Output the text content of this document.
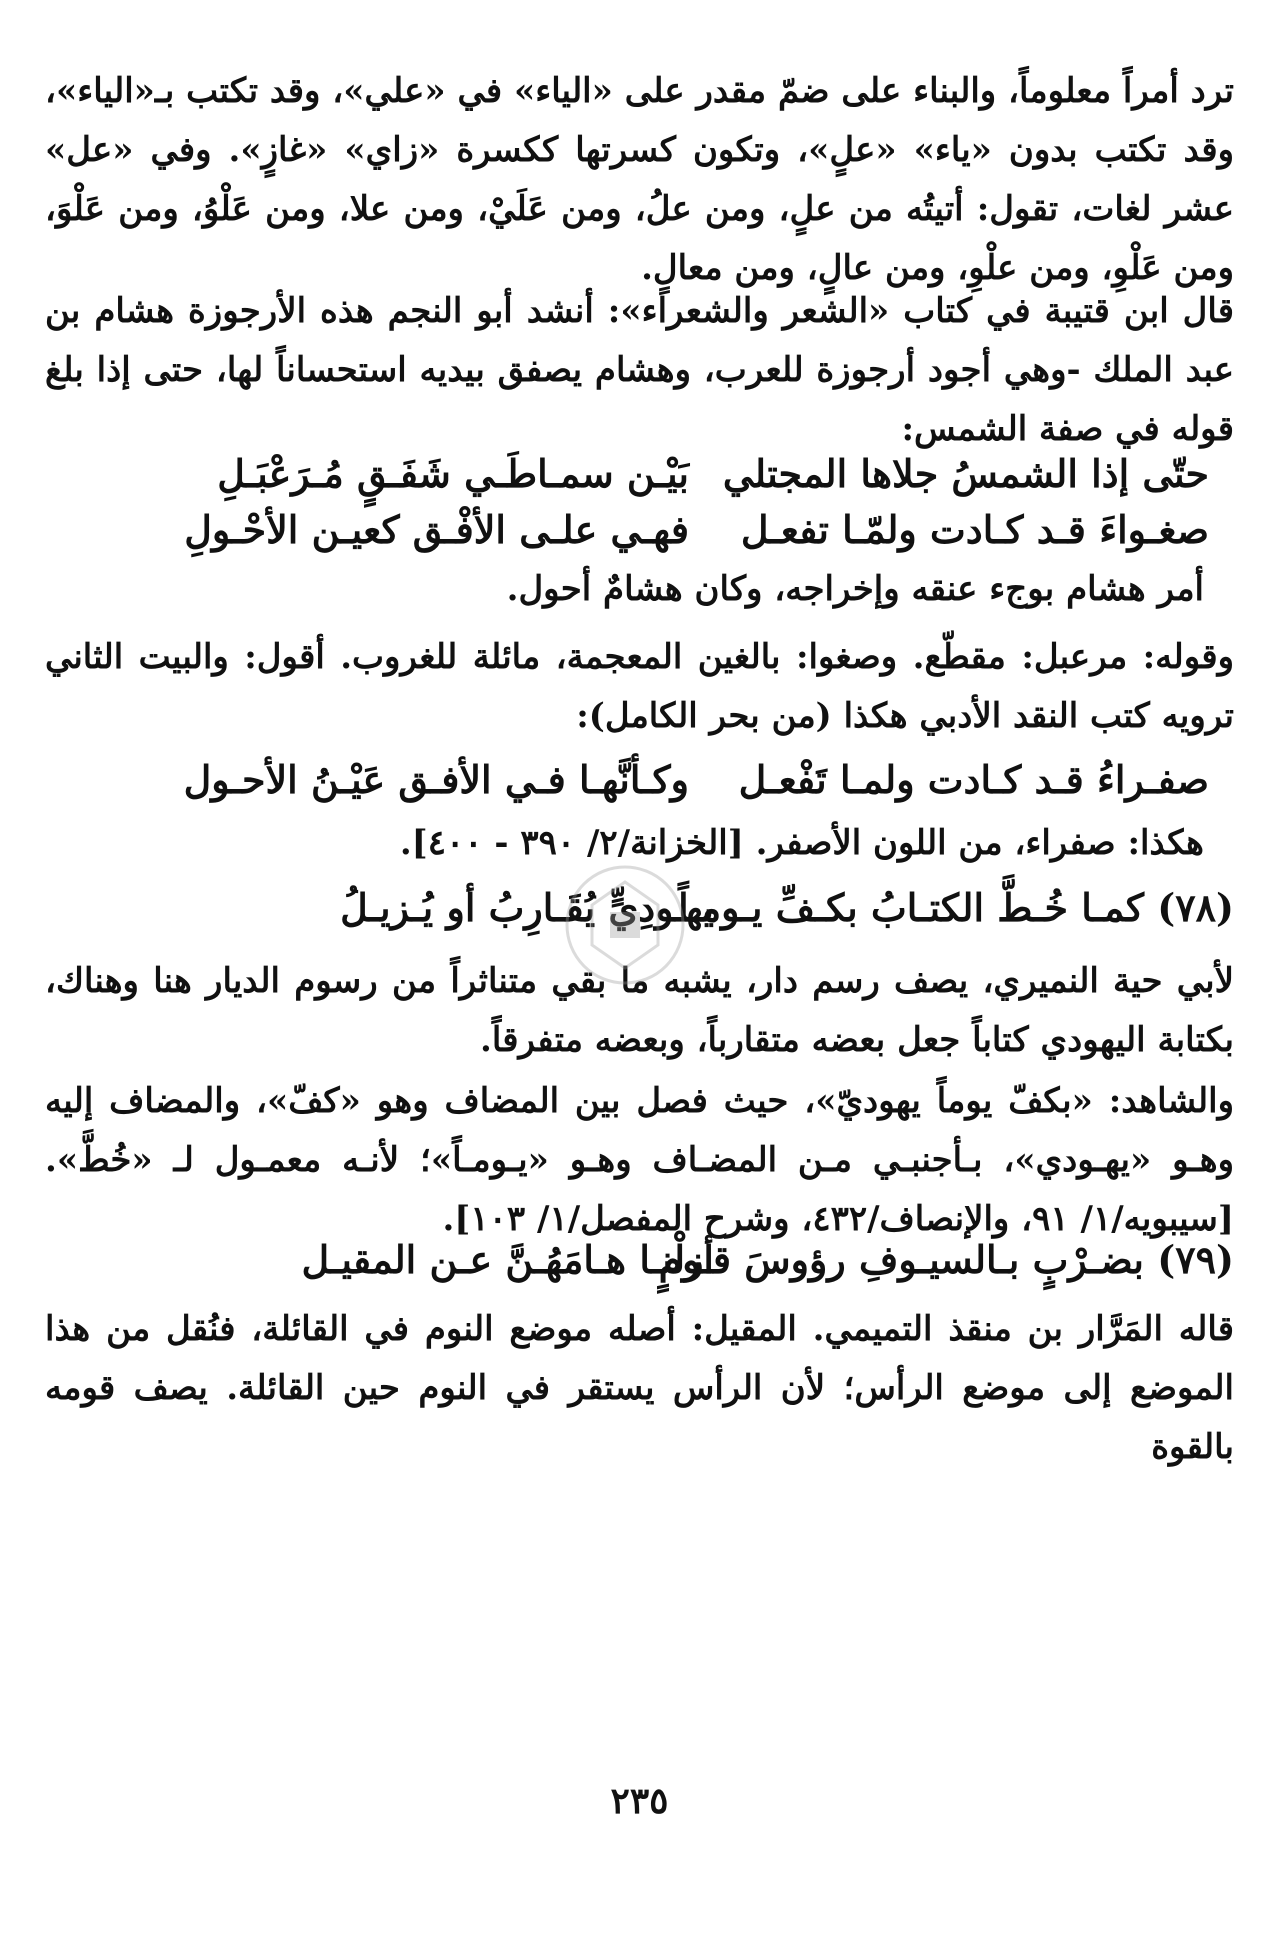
ترد أمراً معلوماً، والبناء على ضمّ مقدر على «الياء» في «علي»، وقد تكتب بـ«الياء»، وقد تكتب بدون «ياء» «علٍ»، وتكون كسرتها ككسرة «زاي» «غازٍ». وفي «عل» عشر لغات، تقول: أتيتُه من علٍ، ومن علُ، ومن عَلَيْ، ومن علا، ومن عَلْوُ، ومن عَلْوَ، ومن عَلْوِ، ومن علْوِ، ومن عالٍ، ومن معالٍ.

قال ابن قتيبة في كتاب «الشعر والشعراء»: أنشد أبو النجم هذه الأرجوزة هشام بن عبد الملك -وهي أجود أرجوزة للعرب، وهشام يصفق بيديه استحساناً لها، حتى إذا بلغ قوله في صفة الشمس:

حتّى إذا الشمسُ جلاها المجتلي
بَيْـن سمـاطَـي شَفَـقٍ مُـرَعْبَـلِ
صغـواءَ قـد كـادت ولمّـا تفعـل
فهـي علـى الأفْـق كعيـن الأحْـولِ

أمر هشام بوجء عنقه وإخراجه، وكان هشامٌ أحول.

وقوله: مرعبل: مقطّع. وصغوا: بالغين المعجمة، مائلة للغروب. أقول: والبيت الثاني ترويه كتب النقد الأدبي هكذا (من بحر الكامل):

صفـراءُ قـد كـادت ولمـا تَفْعـل
وكـأنَّهـا فـي الأفـق عَيْـنُ الأحـول

هكذا: صفراء، من اللون الأصفر. [الخزانة/٢/ ٣٩٠ - ٤٠٠].

(٧٨) كمـا خُـطَّ الكتـابُ بكـفِّ يـومـاً
يهـودِيٍّ يُقَـارِبُ أو يُـزيـلُ

لأبي حية النميري، يصف رسم دار، يشبه ما بقي متناثراً من رسوم الديار هنا وهناك، بكتابة اليهودي كتاباً جعل بعضه متقارباً، وبعضه متفرقاً.

والشاهد: «بكفّ يوماً يهوديّ»، حيث فصل بين المضاف وهو «كفّ»، والمضاف إليه وهـو «يهـودي»، بـأجنبـي مـن المضـاف وهـو «يـومـاً»؛ لأنـه معمـول لـ «خُطَّ». [سيبويه/١/ ٩١، والإنصاف/٤٣٢، وشرح المفصل/١/ ١٠٣].

(٧٩) بضـرْبٍ بـالسيـوفِ رؤوسَ قـومٍ
أزلْنـا هـامَهُـنَّ عـن المقيـل

قاله المَرَّار بن منقذ التميمي. المقيل: أصله موضع النوم في القائلة، فنُقل من هذا الموضع إلى موضع الرأس؛ لأن الرأس يستقر في النوم حين القائلة. يصف قومه بالقوة

٢٣٥
